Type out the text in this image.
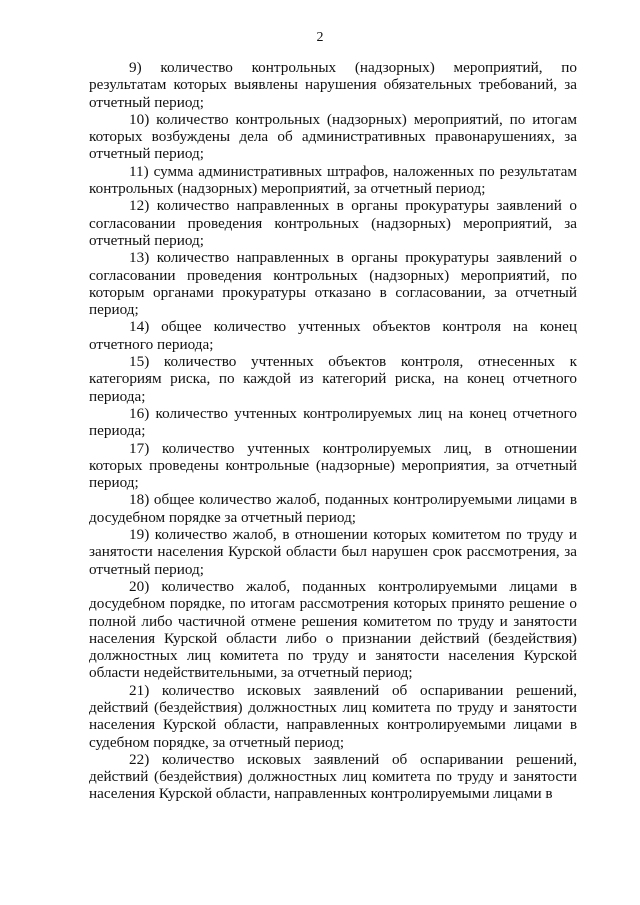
2

9) количество контрольных (надзорных) мероприятий, по результатам которых выявлены нарушения обязательных требований, за отчетный период;

10) количество контрольных (надзорных) мероприятий, по итогам которых возбуждены дела об административных правонарушениях, за отчетный период;

11) сумма административных штрафов, наложенных по результатам контрольных (надзорных) мероприятий, за отчетный период;

12) количество направленных в органы прокуратуры заявлений о согласовании проведения контрольных (надзорных) мероприятий, за отчетный период;

13) количество направленных в органы прокуратуры заявлений о согласовании проведения контрольных (надзорных) мероприятий, по которым органами прокуратуры отказано в согласовании, за отчетный период;

14) общее количество учтенных объектов контроля на конец отчетного периода;

15) количество учтенных объектов контроля, отнесенных к категориям риска, по каждой из категорий риска, на конец отчетного периода;

16) количество учтенных контролируемых лиц на конец отчетного периода;

17) количество учтенных контролируемых лиц, в отношении которых проведены контрольные (надзорные) мероприятия, за отчетный период;

18) общее количество жалоб, поданных контролируемыми лицами в досудебном порядке за отчетный период;

19) количество жалоб, в отношении которых комитетом по труду и занятости населения Курской области был нарушен срок рассмотрения, за отчетный период;

20) количество жалоб, поданных контролируемыми лицами в досудебном порядке, по итогам рассмотрения которых принято решение о полной либо частичной отмене решения комитетом по труду и занятости населения Курской области либо о признании действий (бездействия) должностных лиц комитета по труду и занятости населения Курской области недействительными, за отчетный период;

21) количество исковых заявлений об оспаривании решений, действий (бездействия) должностных лиц комитета по труду и занятости населения Курской области, направленных контролируемыми лицами в судебном порядке, за отчетный период;

22) количество исковых заявлений об оспаривании решений, действий (бездействия) должностных лиц комитета по труду и занятости населения Курской области, направленных контролируемыми лицами в
